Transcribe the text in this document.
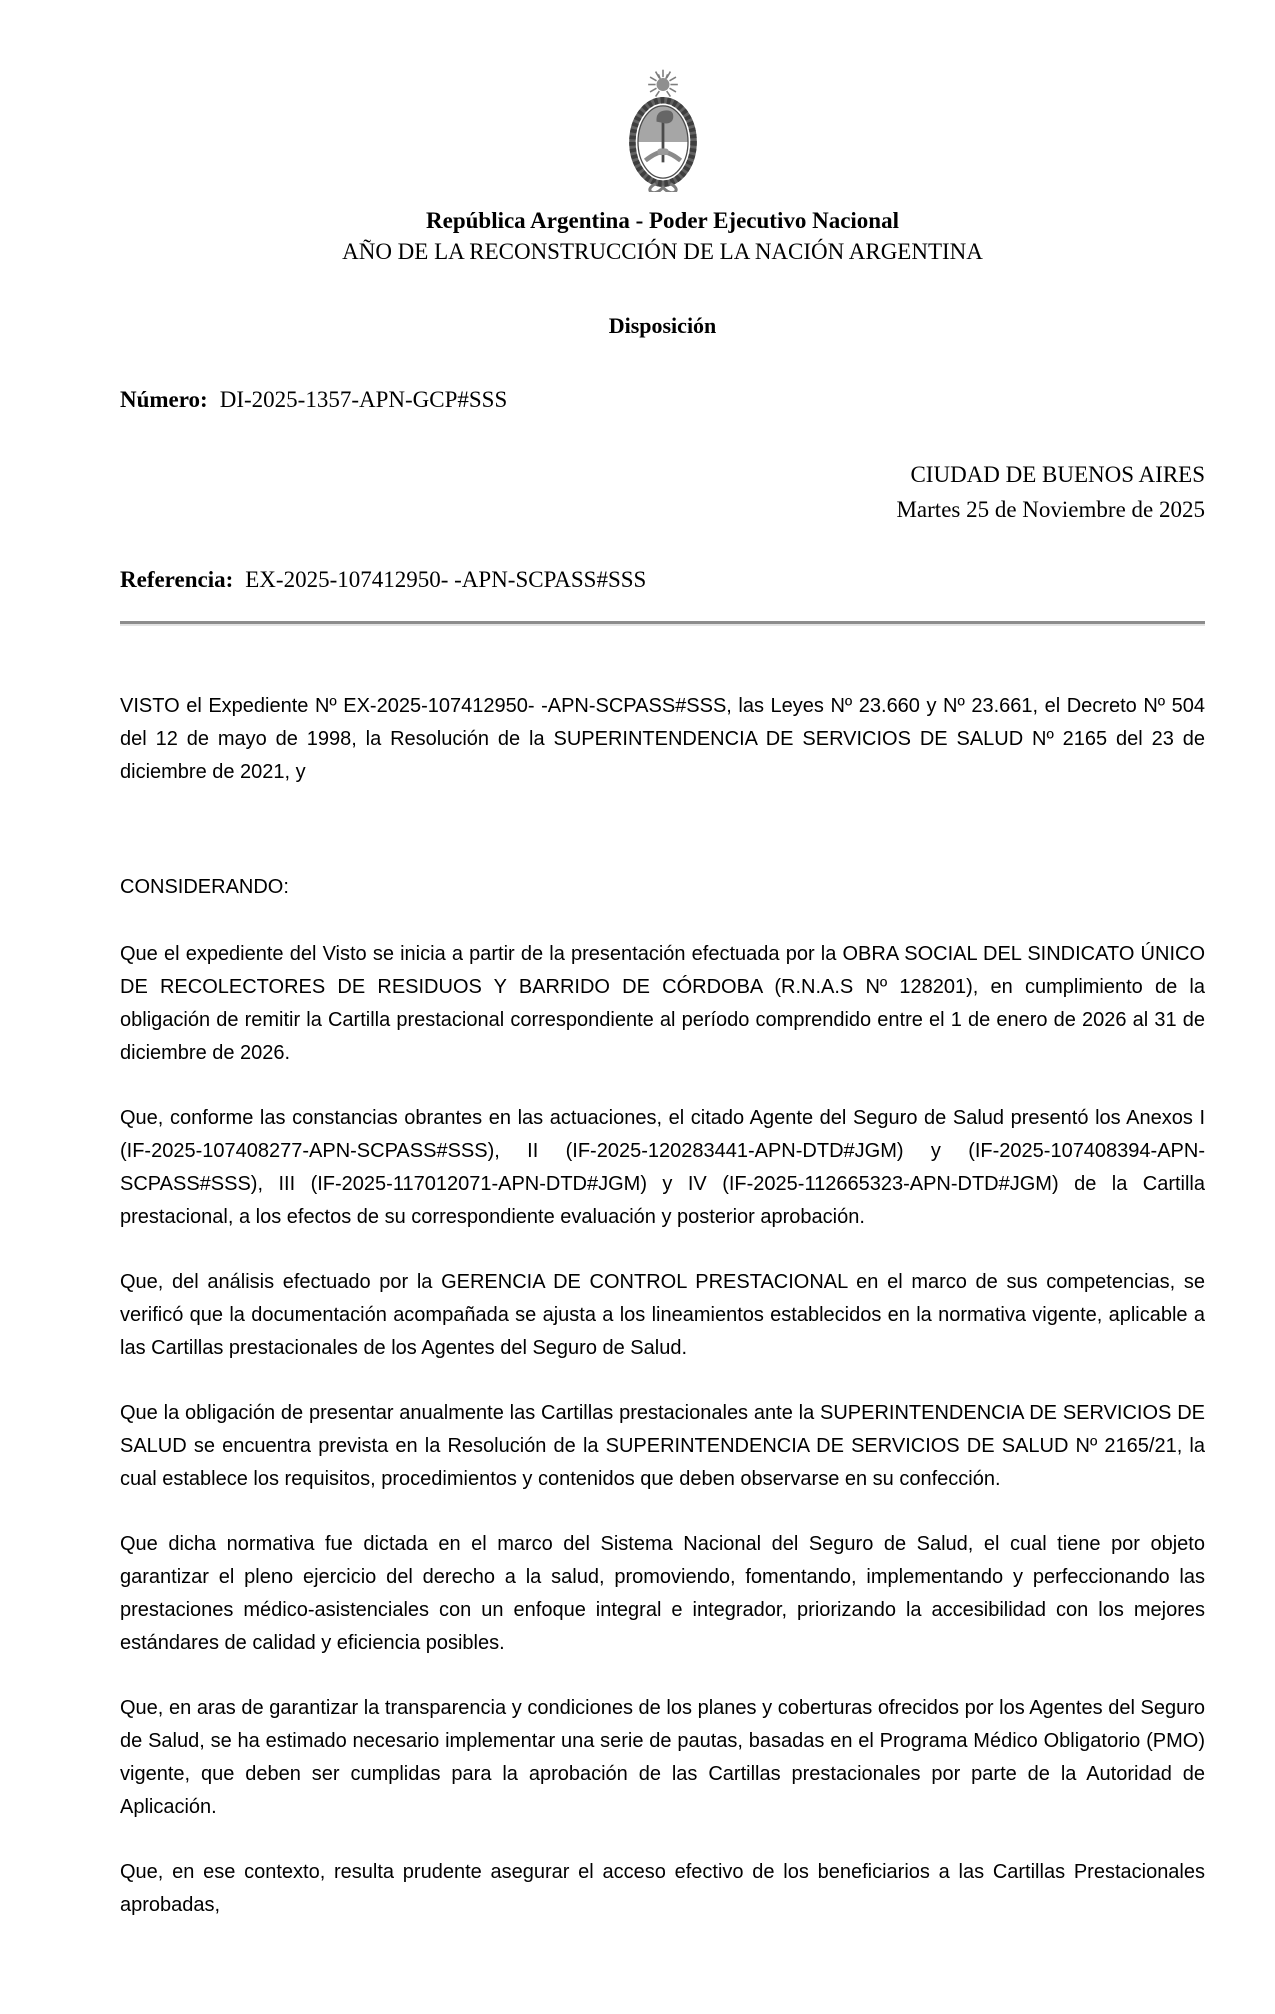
República Argentina - Poder Ejecutivo Nacional
AÑO DE LA RECONSTRUCCIÓN DE LA NACIÓN ARGENTINA
Disposición
Número: DI-2025-1357-APN-GCP#SSS
CIUDAD DE BUENOS AIRES
Martes 25 de Noviembre de 2025
Referencia: EX-2025-107412950- -APN-SCPASS#SSS

VISTO el Expediente Nº EX-2025-107412950- -APN-SCPASS#SSS, las Leyes Nº 23.660 y Nº 23.661, el Decreto Nº 504 del 12 de mayo de 1998, la Resolución de la SUPERINTENDENCIA DE SERVICIOS DE SALUD Nº 2165 del 23 de diciembre de 2021, y

CONSIDERANDO:

Que el expediente del Visto se inicia a partir de la presentación efectuada por la OBRA SOCIAL DEL SINDICATO ÚNICO DE RECOLECTORES DE RESIDUOS Y BARRIDO DE CÓRDOBA (R.N.A.S Nº 128201), en cumplimiento de la obligación de remitir la Cartilla prestacional correspondiente al período comprendido entre el 1 de enero de 2026 al 31 de diciembre de 2026.

Que, conforme las constancias obrantes en las actuaciones, el citado Agente del Seguro de Salud presentó los Anexos I (IF-2025-107408277-APN-SCPASS#SSS), II (IF-2025-120283441-APN-DTD#JGM) y (IF-2025-107408394-APN-SCPASS#SSS), III (IF-2025-117012071-APN-DTD#JGM) y IV (IF-2025-112665323-APN-DTD#JGM) de la Cartilla prestacional, a los efectos de su correspondiente evaluación y posterior aprobación.

Que, del análisis efectuado por la GERENCIA DE CONTROL PRESTACIONAL en el marco de sus competencias, se verificó que la documentación acompañada se ajusta a los lineamientos establecidos en la normativa vigente, aplicable a las Cartillas prestacionales de los Agentes del Seguro de Salud.

Que la obligación de presentar anualmente las Cartillas prestacionales ante la SUPERINTENDENCIA DE SERVICIOS DE SALUD se encuentra prevista en la Resolución de la SUPERINTENDENCIA DE SERVICIOS DE SALUD Nº 2165/21, la cual establece los requisitos, procedimientos y contenidos que deben observarse en su confección.

Que dicha normativa fue dictada en el marco del Sistema Nacional del Seguro de Salud, el cual tiene por objeto garantizar el pleno ejercicio del derecho a la salud, promoviendo, fomentando, implementando y perfeccionando las prestaciones médico-asistenciales con un enfoque integral e integrador, priorizando la accesibilidad con los mejores estándares de calidad y eficiencia posibles.

Que, en aras de garantizar la transparencia y condiciones de los planes y coberturas ofrecidos por los Agentes del Seguro de Salud, se ha estimado necesario implementar una serie de pautas, basadas en el Programa Médico Obligatorio (PMO) vigente, que deben ser cumplidas para la aprobación de las Cartillas prestacionales por parte de la Autoridad de Aplicación.

Que, en ese contexto, resulta prudente asegurar el acceso efectivo de los beneficiarios a las Cartillas Prestacionales aprobadas,
